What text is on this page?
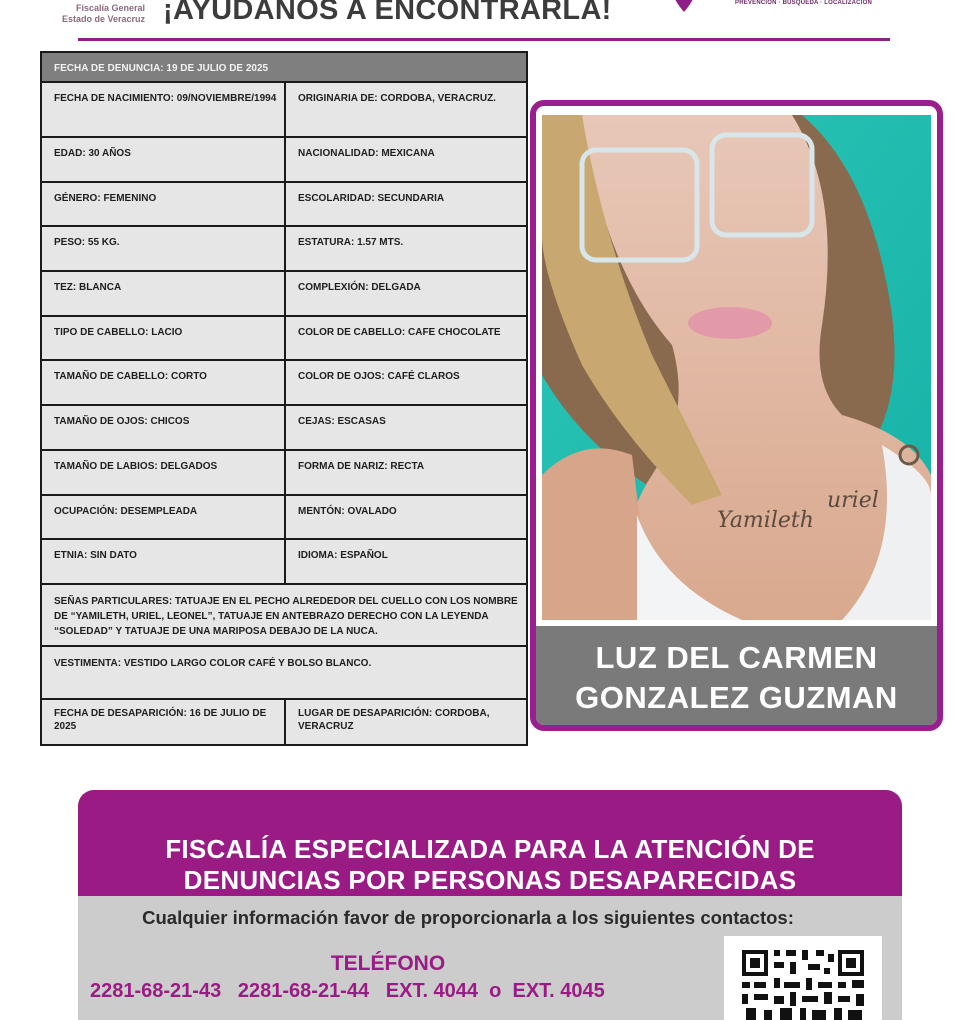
Fiscalía General
Estado de Veracruz ¡AYUDANOS A ENCONTRARLA!	PREVENCIÓN · BÚSQUEDA · LOCALIZACIÓN
FECHA DE DENUNCIA: 19 DE JULIO DE 2025
FECHA DE NACIMIENTO: 09/NOVIEMBRE/1994	ORIGINARIA DE: CORDOBA, VERACRUZ.
EDAD: 30 AÑOS	NACIONALIDAD: MEXICANA
GÉNERO: FEMENINO	ESCOLARIDAD: SECUNDARIA
PESO: 55 KG.	ESTATURA: 1.57 MTS.
TEZ: BLANCA	COMPLEXIÓN: DELGADA
TIPO DE CABELLO: LACIO	COLOR DE CABELLO: CAFE CHOCOLATE
TAMAÑO DE CABELLO: CORTO	COLOR DE OJOS: CAFÉ CLAROS
TAMAÑO DE OJOS: CHICOS	CEJAS: ESCASAS
TAMAÑO DE LABIOS: DELGADOS	FORMA DE NARIZ: RECTA
OCUPACIÓN: DESEMPLEADA	MENTÓN: OVALADO
ETNIA: SIN DATO	IDIOMA: ESPAÑOL
SEÑAS PARTICULARES: TATUAJE EN EL PECHO ALREDEDOR DEL CUELLO CON LOS NOMBRE DE “YAMILETH, URIEL, LEONEL”, TATUAJE EN ANTEBRAZO DERECHO CON LA LEYENDA “SOLEDAD” Y TATUAJE DE UNA MARIPOSA DEBAJO DE LA NUCA.
VESTIMENTA: VESTIDO LARGO COLOR CAFÉ Y BOLSO BLANCO.
FECHA DE DESAPARICIÓN: 16 DE JULIO DE 2025
LUGAR DE DESAPARICIÓN: CORDOBA, VERACRUZ
Yamileth
uriel
LUZ DEL CARMEN
GONZALEZ GUZMAN
FISCALÍA ESPECIALIZADA PARA LA ATENCIÓN DE
DENUNCIAS POR PERSONAS DESAPARECIDAS
Cualquier información favor de proporcionarla a los siguientes contactos:
TELÉFONO
2281-68-21-43   2281-68-21-44   EXT. 4044  o  EXT. 4045
